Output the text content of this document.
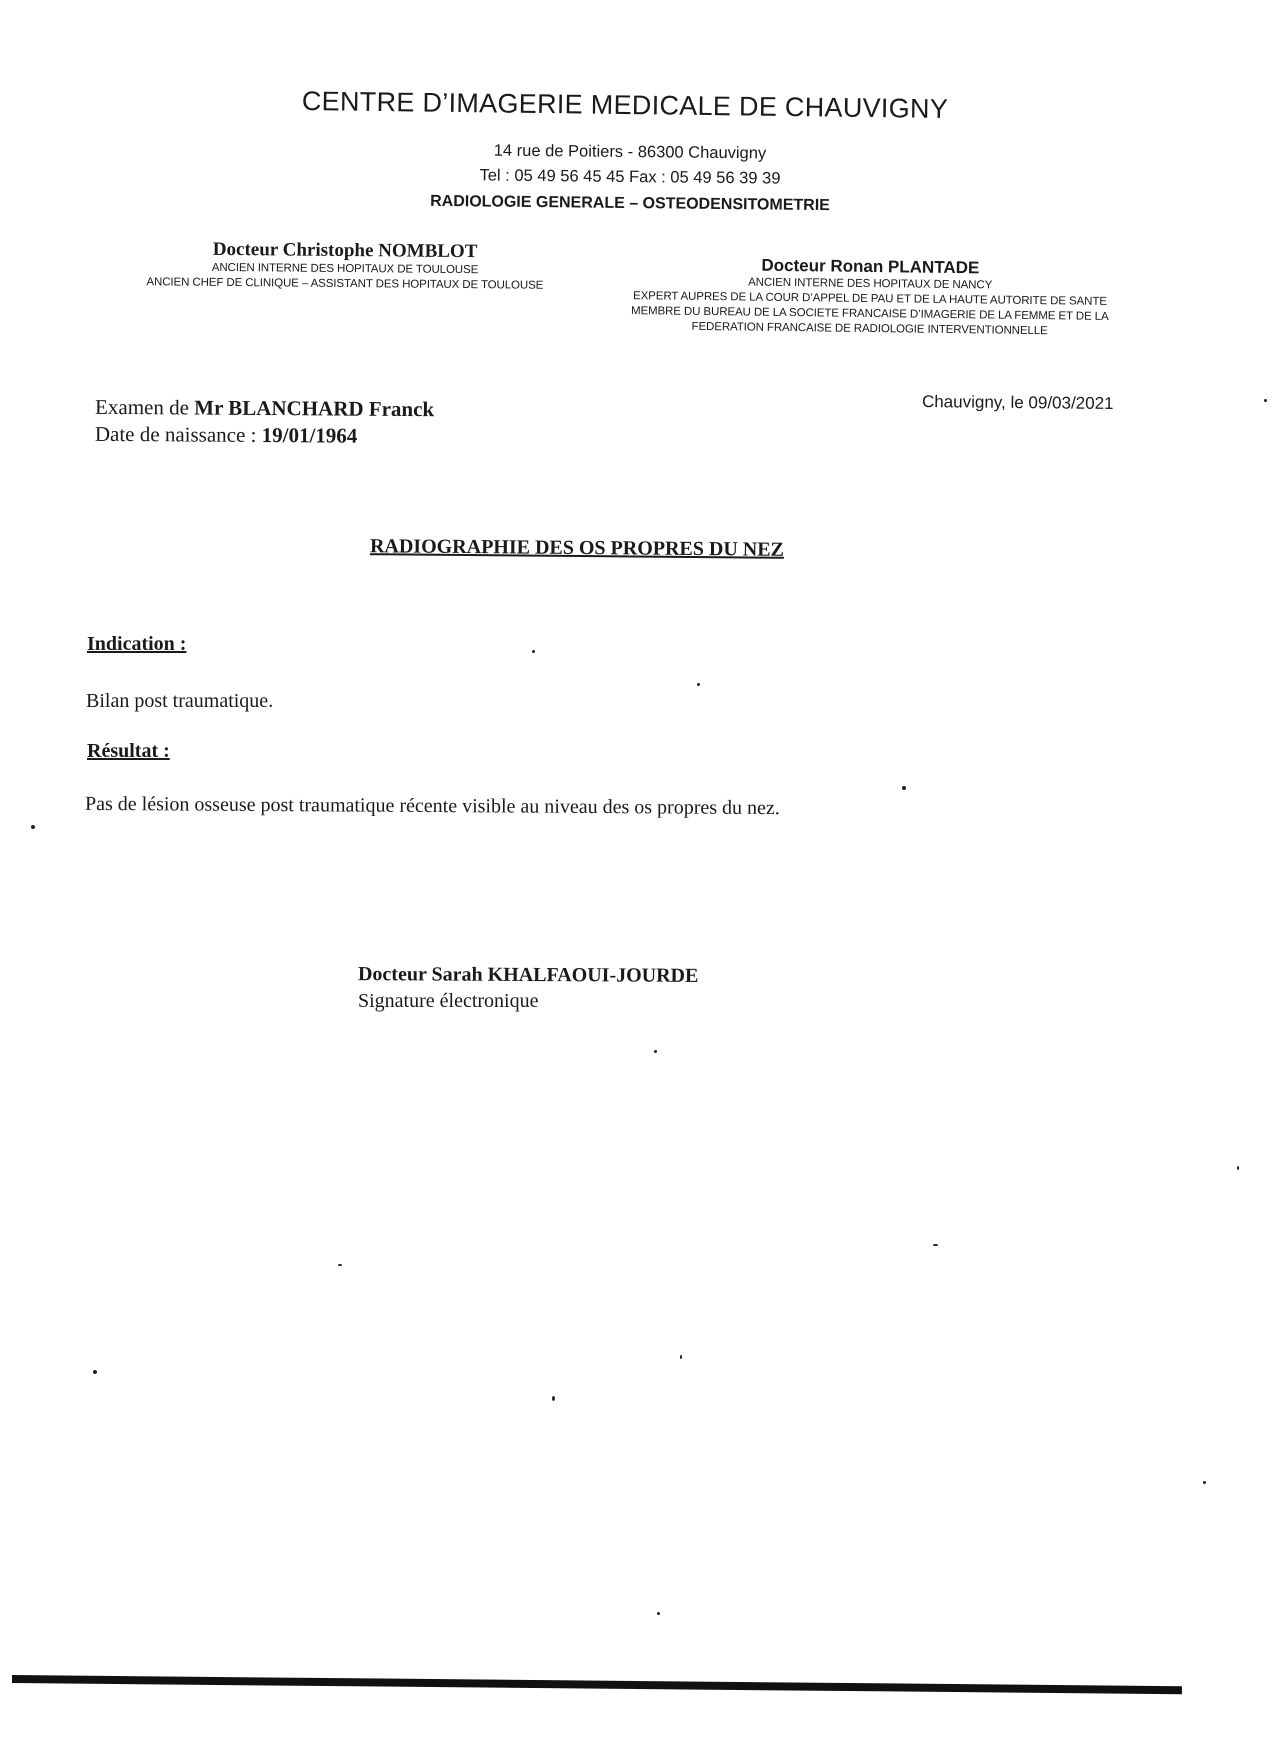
CENTRE D’IMAGERIE MEDICALE DE CHAUVIGNY
14 rue de Poitiers - 86300 Chauvigny
Tel : 05 49 56 45 45 Fax : 05 49 56 39 39
RADIOLOGIE GENERALE – OSTEODENSITOMETRIE
Docteur Christophe NOMBLOT
ANCIEN INTERNE DES HOPITAUX DE TOULOUSE
ANCIEN CHEF DE CLINIQUE – ASSISTANT DES HOPITAUX DE TOULOUSE
Docteur Ronan PLANTADE
ANCIEN INTERNE DES HOPITAUX DE NANCY
EXPERT AUPRES DE LA COUR D’APPEL DE PAU ET DE LA HAUTE AUTORITE DE SANTE
MEMBRE DU BUREAU DE LA SOCIETE FRANCAISE D’IMAGERIE DE LA FEMME ET DE LA
FEDERATION FRANCAISE DE RADIOLOGIE INTERVENTIONNELLE
Examen de Mr BLANCHARD Franck
Date de naissance : 19/01/1964
Chauvigny, le 09/03/2021
RADIOGRAPHIE DES OS PROPRES DU NEZ
Indication :
Bilan post traumatique.
Résultat :
Pas de lésion osseuse post traumatique récente visible au niveau des os propres du nez.
Docteur Sarah KHALFAOUI-JOURDE
Signature électronique
